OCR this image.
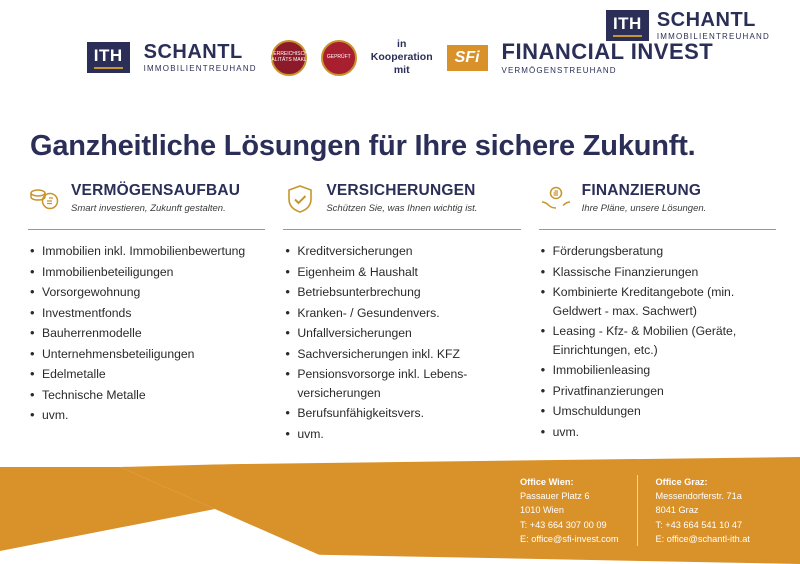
ITH SCHANTL
IMMOBILIENTREUHAND
ITH	SCHANTL
IMMOBILIENTREUHAND
ÖSTERREICHISCHES QUALITÄTS MAKLER	GEPRÜFT
in
Kooperation
mit
SFi	FINANCIAL INVEST
VERMÖGENSTREUHAND
Ganzheitliche Lösungen für Ihre sichere Zukunft.
VERMÖGENSAUFBAU
Smart investieren, Zukunft gestalten.
• Immobilien inkl. Immobilienbewertung
• Immobilienbeteiligungen
• Vorsorgewohnung
• Investmentfonds
• Bauherrenmodelle
• Unternehmensbeteiligungen
• Edelmetalle
• Technische Metalle
• uvm.
VERSICHERUNGEN
Schützen Sie, was Ihnen wichtig ist.
• Kreditversicherungen
• Eigenheim & Haushalt
• Betriebsunterbrechung
• Kranken- / Gesundenvers.
• Unfallversicherungen
• Sachversicherungen inkl. KFZ
• Pensionsvorsorge inkl. Lebens-versicherungen
• Berufsunfähigkeitsvers.
• uvm.
FINANZIERUNG
Ihre Pläne, unsere Lösungen.
• Förderungsberatung
• Klassische Finanzierungen
• Kombinierte Kreditangebote (min. Geldwert - max. Sachwert)
• Leasing - Kfz- & Mobilien (Geräte, Einrichtungen, etc.)
• Immobilienleasing
• Privatfinanzierungen
• Umschuldungen
• uvm.
Office Wien:
Passauer Platz 6
1010 Wien
T: +43 664 307 00 09
E: office@sfi-invest.com
Office Graz:
Messendorferstr. 71a
8041 Graz
T: +43 664 541 10 47
E: office@schantl-ith.at
